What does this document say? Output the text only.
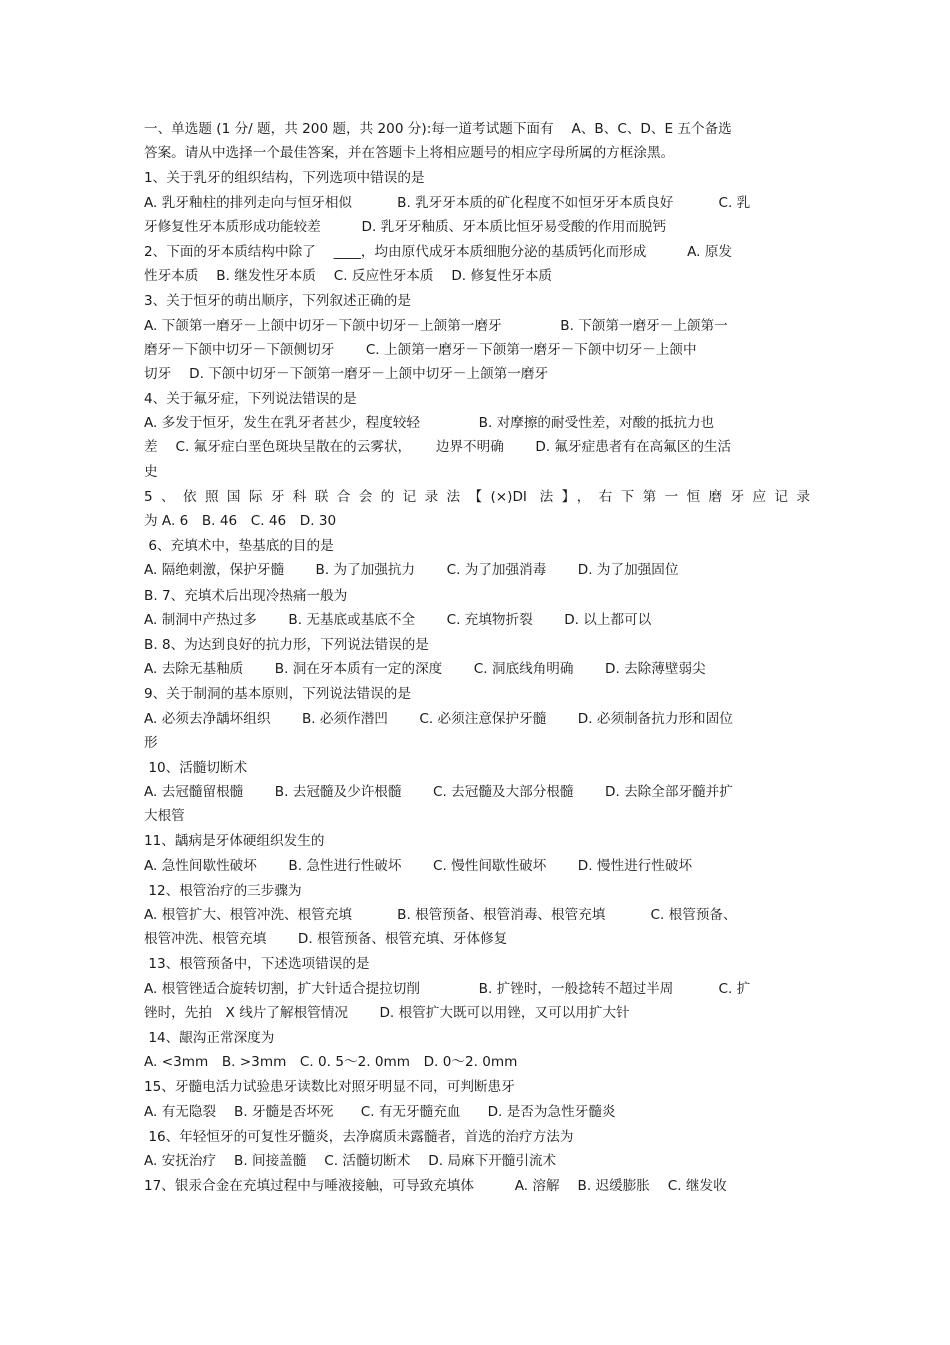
一、单选题 (1 分/ 题，共 200 题，共 200 分):每一道考试题下面有　 A、B、C、D、E 五个备选
答案。请从中选择一个最佳答案，并在答题卡上将相应题号的相应字母所属的方框涂黑。
1、关于乳牙的组织结构，下列选项中错误的是
A. 乳牙釉柱的排列走向与恒牙相似　　　 B. 乳牙牙本质的矿化程度不如恒牙牙本质良好　　　 C. 乳
牙修复性牙本质形成功能较差　　　D. 乳牙牙釉质、牙本质比恒牙易受酸的作用而脱钙
2、下面的牙本质结构中除了　 ____，均由原代成牙本质细胞分泌的基质钙化而形成　　　A. 原发
性牙本质　 B. 继发性牙本质　 C. 反应性牙本质　 D. 修复性牙本质
3、关于恒牙的萌出顺序，下列叙述正确的是
A. 下颌第一磨牙－上颌中切牙－下颌中切牙－上颌第一磨牙　　　　 B. 下颌第一磨牙－上颌第一
磨牙－下颌中切牙－下颌侧切牙　　 C. 上颌第一磨牙－下颌第一磨牙－下颌中切牙－上颌中
切牙　 D. 下颌中切牙－下颌第一磨牙－上颌中切牙－上颌第一磨牙
4、关于氟牙症，下列说法错误的是
A. 多发于恒牙，发生在乳牙者甚少，程度较轻　　　　 B. 对摩擦的耐受性差，对酸的抵抗力也
差　 C. 氟牙症白垩色斑块呈散在的云雾状，　　 边界不明确　　 D. 氟牙症患者有在高氟区的生活
史
5、依照国际牙科联合会的记录法【(×)DI 法】，右下第一恒磨牙应记录
为 A. 6　B. 46　C. 46　D. 30
6、充填术中，垫基底的目的是
A. 隔绝刺激，保护牙髓　　 B. 为了加强抗力　　 C. 为了加强消毒　　 D. 为了加强固位
B. 7、充填术后出现冷热痛一般为
A. 制洞中产热过多　　 B. 无基底或基底不全　　 C. 充填物折裂　　 D. 以上都可以
B. 8、为达到良好的抗力形，下列说法错误的是
A. 去除无基釉质　　 B. 洞在牙本质有一定的深度　　 C. 洞底线角明确　　 D. 去除薄壁弱尖
9、关于制洞的基本原则，下列说法错误的是
A. 必须去净龋坏组织　　 B. 必须作潜凹　　 C. 必须注意保护牙髓　　 D. 必须制备抗力形和固位
形
10、活髓切断术
A. 去冠髓留根髓　　 B. 去冠髓及少许根髓　　 C. 去冠髓及大部分根髓　　 D. 去除全部牙髓并扩
大根管
11、龋病是牙体硬组织发生的
A. 急性间歇性破坏　　 B. 急性进行性破坏　　 C. 慢性间歇性破坏　　 D. 慢性进行性破坏
12、根管治疗的三步骤为
A. 根管扩大、根管冲洗、根管充填　　　 B. 根管预备、根管消毒、根管充填　　　 C. 根管预备、
根管冲洗、根管充填　　 D. 根管预备、根管充填、牙体修复
13、根管预备中，下述选项错误的是
A. 根管锉适合旋转切割，扩大针适合提拉切削　　　　 B. 扩锉时，一般捻转不超过半周　　　 C. 扩
锉时，先拍　X 线片了解根管情况　　 D. 根管扩大既可以用锉，又可以用扩大针
14、龈沟正常深度为
A. <3mm　B. >3mm　C. 0. 5～2. 0mm　D. 0～2. 0mm
15、牙髓电活力试验患牙读数比对照牙明显不同，可判断患牙
A. 有无隐裂　 B. 牙髓是否坏死　　C. 有无牙髓充血　　D. 是否为急性牙髓炎
16、年轻恒牙的可复性牙髓炎，去净腐质未露髓者，首选的治疗方法为
A. 安抚治疗　 B. 间接盖髓　 C. 活髓切断术　 D. 局麻下开髓引流术
17、银汞合金在充填过程中与唾液接触，可导致充填体　　　A. 溶解　 B. 迟缓膨胀　 C. 继发收
